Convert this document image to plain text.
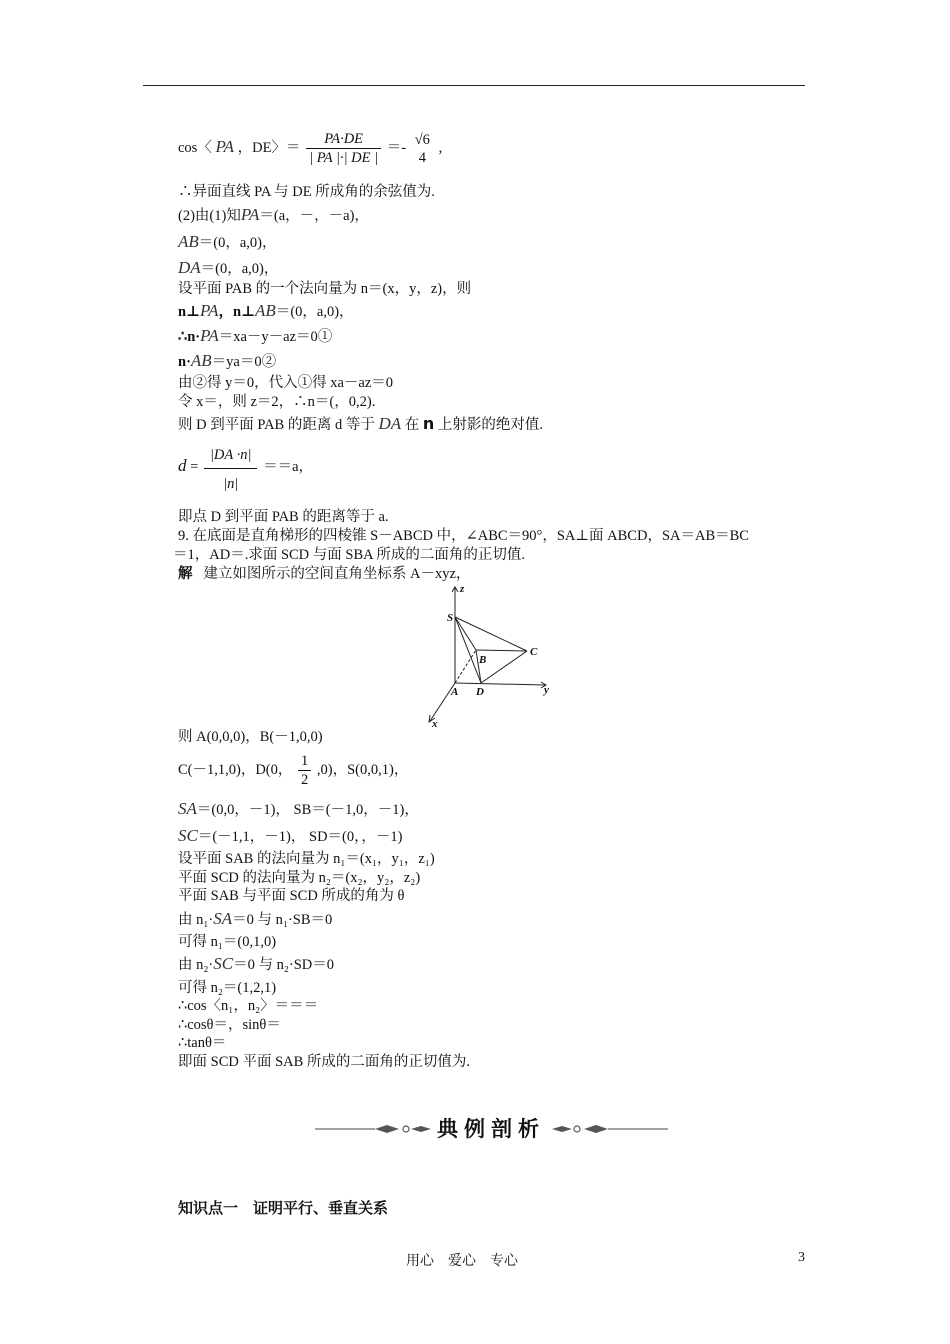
cos〈 PA ，DE〉＝ $\frac{PA\cdot DE}{| PA |\cdot| DE |}$ ＝-
√6
4
,
∴异面直线 PA 与 DE 所成角的余弦值为.
(2)由(1)知PA＝(a，－，－a)，
AB＝(0，a,0)，
DA＝(0，a,0)，
设平面 PAB 的一个法向量为 n＝(x，y，z)，则
n⊥PA，n⊥AB＝(0，a,0)，
∴n·PA＝xa－y－az＝0①
n·AB＝ya＝0②
由②得 y＝0，代入①得 xa－az＝0
令 x＝，则 z＝2，∴n＝(，0,2).
则 D 到平面 PAB 的距离 d 等于 DA 在 n 上射影的绝对值.
$d = \frac{|DA \cdot n|}{|n|} ==a$，
即点 D 到平面 PAB 的距离等于 a.
9. 在底面是直角梯形的四棱锥 S－ABCD 中，∠ABC＝90°，SA⊥面 ABCD，SA＝AB＝BC
＝1，AD＝.求面 SCD 与面 SBA 所成的二面角的正切值.
解 建立如图所示的空间直角坐标系 A－xyz，
z
S
C
B
A D	y
x
则 A(0,0,0)，B(－1,0,0)
C(－1,1,0)，D(0， $\frac{1}{2} ,0$)，S(0,0,1)，
SA＝(0,0，－1)， SB＝(－1,0，－1)，
SC＝(－1,1，－1)， SD＝(0，，－1)
设平面 SAB 的法向量为 n₁＝(x₁，y₁，z₁)
平面 SCD 的法向量为 n₂＝(x₂，y₂，z₂)
平面 SAB 与平面 SCD 所成的角为 θ
由 n₁·SA＝0 与 n₁·SB＝0
可得 n₁＝(0,1,0)
由 n₂·SC＝0 与 n₂·SD＝0
可得 n₂＝(1,2,1)
∴cos〈n₁，n₂〉＝＝＝
∴cosθ＝，sinθ＝
∴tanθ＝
即面 SCD 平面 SAB 所成的二面角的正切值为.
典例剖析
知识点一　证明平行、垂直关系
用心　爱心　专心	3
